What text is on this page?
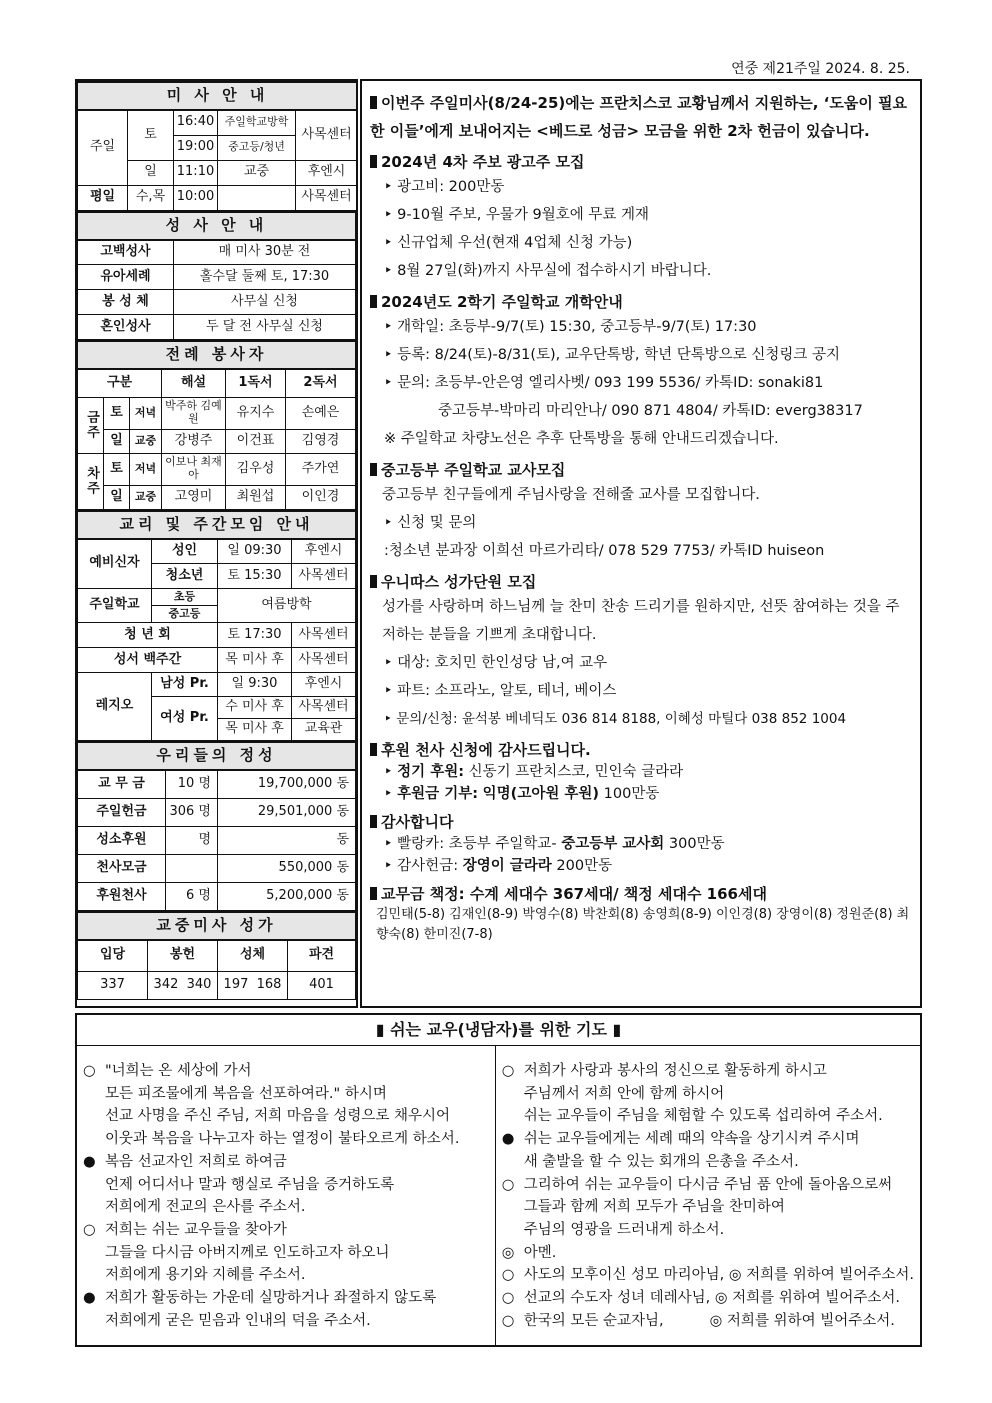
연중 제21주일 2024. 8. 25.
미 사 안 내				
주일	토	16:40	주일학교방학	사목센터
		19:00	중고등/청년	
	일	11:10	교중	후엔시
평일	수,목	10:00		사목센터
성 사 안 내	
고백성사	매 미사 30분 전
유아세례	홀수달 둘째 토, 17:30
봉 성 체	사무실 신청
혼인성사	두 달 전 사무실 신청
전례 봉사자					
구분			해설	1독서	2독서
금주	토	저녁	박주하 김예원	유지수	손예은
	일	교중	강병주	이건표	김영경
차주	토	저녁	이보나 최재아	김우성	주가연
	일	교중	고영미	최원섭	이인경
교리 및 주간모임 안내			
예비신자	성인	일 09:30	후엔시
	청소년	토 15:30	사목센터
주일학교	초등	여름방학	
	중고등		
청 년 회		토 17:30	사목센터
성서 백주간		목 미사 후	사목센터
레지오	남성 Pr.	일 9:30	후엔시
	여성 Pr.	수 미사 후	사목센터
		목 미사 후	교육관
우리들의 정성		
교 무 금	10 명	19,700,000 동
주일헌금	306 명	29,501,000 동
성소후원	명	동
천사모금		550,000 동
후원천사	6 명	5,200,000 동
교중미사 성가			
입당	봉헌	성체	파견
337	342  340	197  168	401
이번주 주일미사(8/24-25)에는 프란치스코 교황님께서 지원하는, ‘도움이 필요한 이들’에게 보내어지는 <베드로 성금> 모금을 위한 2차 헌금이 있습니다.
2024년 4차 주보 광고주 모집
‣ 광고비: 200만동
‣ 9-10월 주보, 우물가 9월호에 무료 게재
‣ 신규업체 우선(현재 4업체 신청 가능)
‣ 8월 27일(화)까지 사무실에 접수하시기 바랍니다.
2024년도 2학기 주일학교 개학안내
‣ 개학일: 초등부-9/7(토) 15:30, 중고등부-9/7(토) 17:30
‣ 등록: 8/24(토)-8/31(토), 교우단톡방, 학년 단톡방으로 신청링크 공지
‣ 문의: 초등부-안은영 엘리사벳/ 093 199 5536/ 카톡ID: sonaki81
중고등부-박마리 마리안나/ 090 871 4804/ 카톡ID: everg38317
※ 주일학교 차량노선은 추후 단톡방을 통해 안내드리겠습니다.
중고등부 주일학교 교사모집
중고등부 친구들에게 주님사랑을 전해줄 교사를 모집합니다.
‣ 신청 및 문의
:청소년 분과장 이희선 마르가리타/ 078 529 7753/ 카톡ID huiseon
우니따스 성가단원 모집
성가를 사랑하며 하느님께 늘 찬미 찬송 드리기를 원하지만, 선뜻 참여하는 것을 주저하는 분들을 기쁘게 초대합니다.
‣ 대상: 호치민 한인성당 남,여 교우
‣ 파트: 소프라노, 알토, 테너, 베이스
‣ 문의/신청: 윤석봉 베네딕도 036 814 8188, 이혜성 마틸다 038 852 1004
후원 천사 신청에 감사드립니다.
‣ 정기 후원: 신동기 프란치스코, 민인숙 글라라
‣ 후원금 기부: 익명(고아원 후원) 100만동
감사합니다
‣ 빨랑카: 초등부 주일학교- 중고등부 교사회 300만동
‣ 감사헌금: 장영이 글라라 200만동
교무금 책정: 수계 세대수 367세대/ 책정 세대수 166세대
김민태(5-8) 김재인(8-9) 박영수(8) 박찬회(8) 송영희(8-9) 이인경(8) 장영이(8) 정원준(8) 최향숙(8) 한미진(7-8)
▮ 쉬는 교우(냉담자)를 위한 기도 ▮
○ "너희는 온 세상에 가서
모든 피조물에게 복음을 선포하여라." 하시며
선교 사명을 주신 주님, 저희 마음을 성령으로 채우시어
이웃과 복음을 나누고자 하는 열정이 불타오르게 하소서.
● 복음 선교자인 저희로 하여금
언제 어디서나 말과 행실로 주님을 증거하도록
저희에게 전교의 은사를 주소서.
○ 저희는 쉬는 교우들을 찾아가
그들을 다시금 아버지께로 인도하고자 하오니
저희에게 용기와 지혜를 주소서.
● 저희가 활동하는 가운데 실망하거나 좌절하지 않도록
저희에게 굳은 믿음과 인내의 덕을 주소서.
○ 저희가 사랑과 봉사의 정신으로 활동하게 하시고
주님께서 저희 안에 함께 하시어
쉬는 교우들이 주님을 체험할 수 있도록 섭리하여 주소서.
● 쉬는 교우들에게는 세례 때의 약속을 상기시켜 주시며
새 출발을 할 수 있는 회개의 은총을 주소서.
○ 그리하여 쉬는 교우들이 다시금 주님 품 안에 돌아옴으로써
그들과 함께 저희 모두가 주님을 찬미하여
주님의 영광을 드러내게 하소서.
◎ 아멘.
○ 사도의 모후이신 성모 마리아님, ◎ 저희를 위하여 빌어주소서.
○ 선교의 수도자 성녀 데레사님, ◎ 저희를 위하여 빌어주소서.
○ 한국의 모든 순교자님,          ◎ 저희를 위하여 빌어주소서.
